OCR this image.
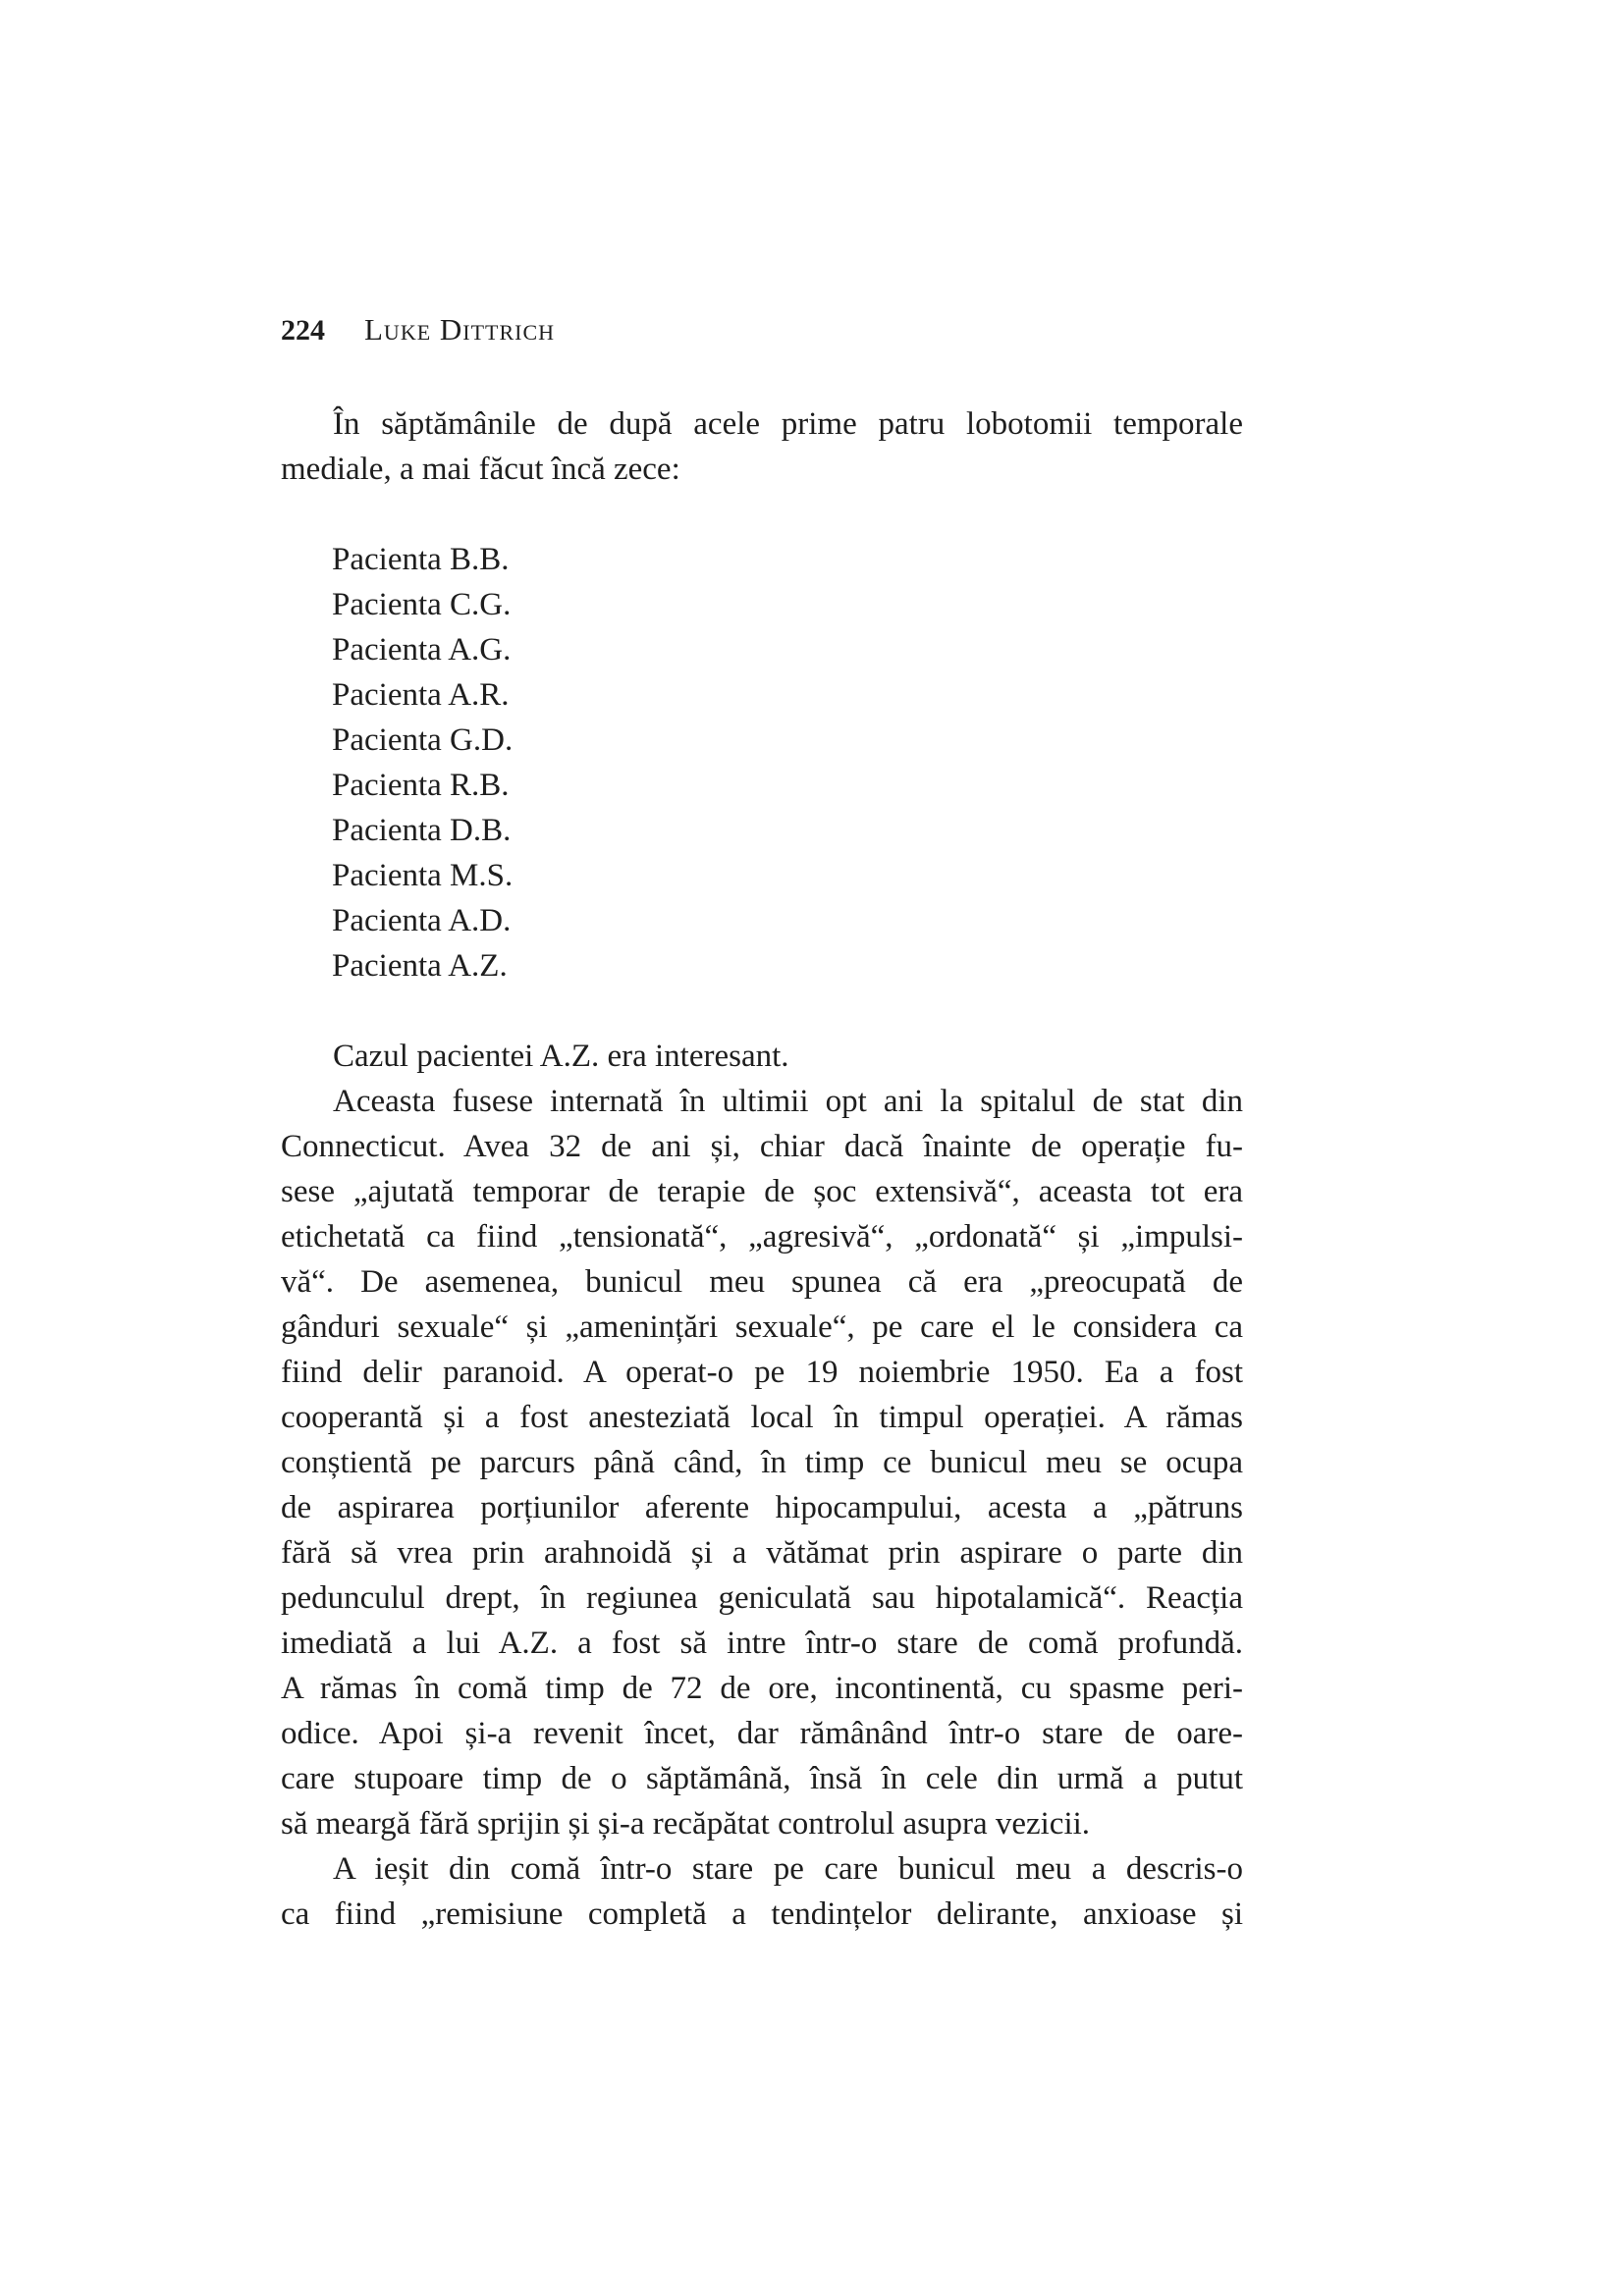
224 Luke Dittrich
În săptămânile de după acele prime patru lobotomii temporale
mediale, a mai făcut încă zece:
Pacienta B.B.
Pacienta C.G.
Pacienta A.G.
Pacienta A.R.
Pacienta G.D.
Pacienta R.B.
Pacienta D.B.
Pacienta M.S.
Pacienta A.D.
Pacienta A.Z.
Cazul pacientei A.Z. era interesant.
Aceasta fusese internată în ultimii opt ani la spitalul de stat din
Connecticut. Avea 32 de ani și, chiar dacă înainte de operație fu-
sese „ajutată temporar de terapie de șoc extensivă“, aceasta tot era
etichetată ca fiind „tensionată“, „agresivă“, „ordonată“ și „impulsi-
vă“. De asemenea, bunicul meu spunea că era „preocupată de
gânduri sexuale“ și „amenințări sexuale“, pe care el le considera ca
fiind delir paranoid. A operat-o pe 19 noiembrie 1950. Ea a fost
cooperantă și a fost anesteziată local în timpul operației. A rămas
conștientă pe parcurs până când, în timp ce bunicul meu se ocupa
de aspirarea porțiunilor aferente hipocampului, acesta a „pătruns
fără să vrea prin arahnoidă și a vătămat prin aspirare o parte din
pedunculul drept, în regiunea geniculată sau hipotalamică“. Reacția
imediată a lui A.Z. a fost să intre într-o stare de comă profundă.
A rămas în comă timp de 72 de ore, incontinentă, cu spasme peri-
odice. Apoi și-a revenit încet, dar rămânând într-o stare de oare-
care stupoare timp de o săptămână, însă în cele din urmă a putut
să meargă fără sprijin și și-a recăpătat controlul asupra vezicii.
A ieșit din comă într-o stare pe care bunicul meu a descris-o
ca fiind „remisiune completă a tendințelor delirante, anxioase și
